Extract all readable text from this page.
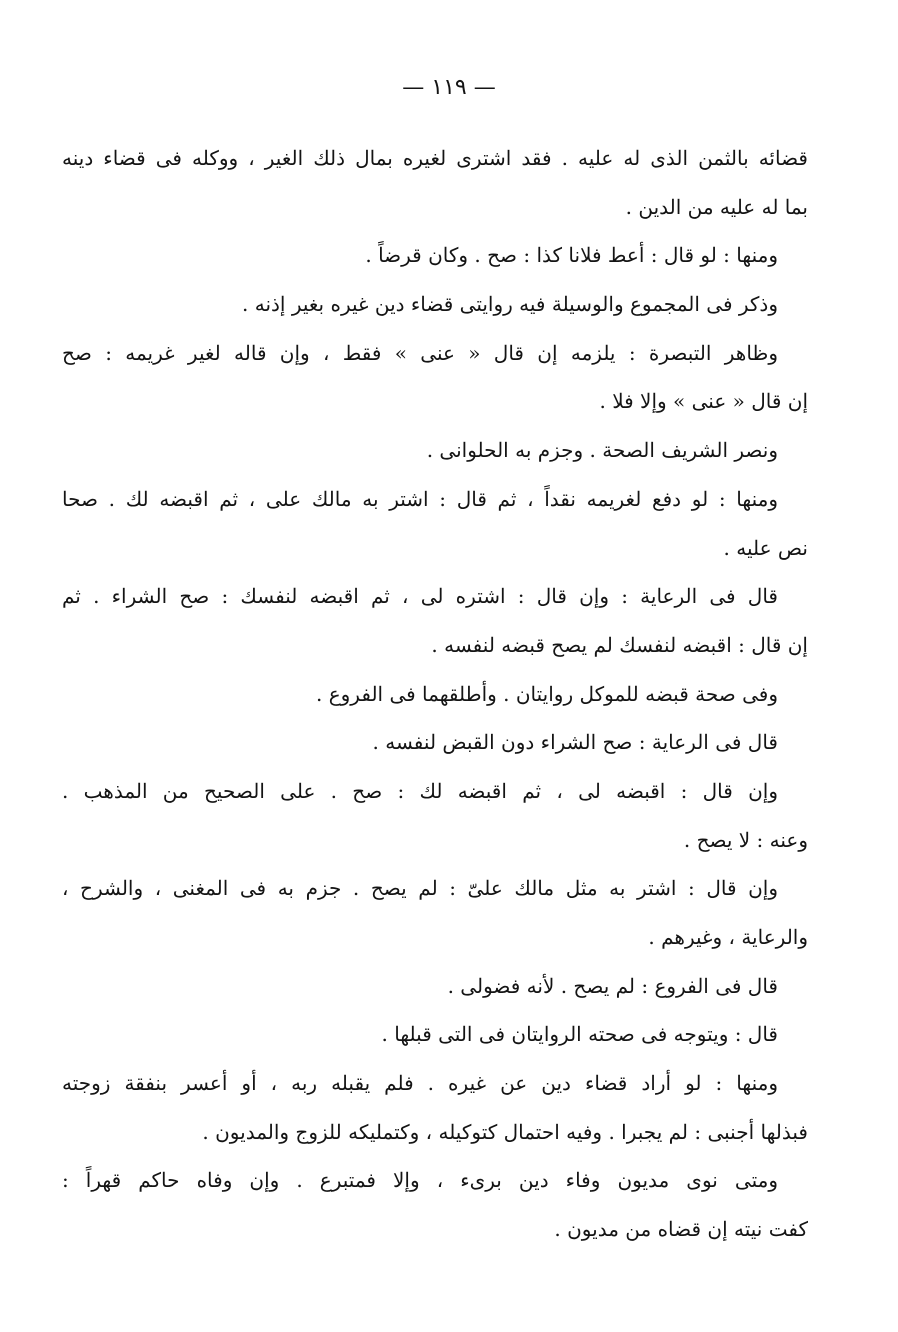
— ١١٩ —
قضائه بالثمن الذى له عليه . فقد اشترى لغيره بمال ذلك الغير ، ووكله فى قضاء دينه
بما له عليه من الدين .
ومنها : لو قال : أعط فلانا كذا : صح . وكان قرضاً .
وذكر فى المجموع والوسيلة فيه روايتى قضاء دين غيره بغير إذنه .
وظاهر التبصرة : يلزمه إن قال « عنى » فقط ، وإن قاله لغير غريمه : صح
إن قال « عنى » وإلا فلا .
ونصر الشريف الصحة . وجزم به الحلوانى .
ومنها : لو دفع لغريمه نقداً ، ثم قال : اشتر به مالك على ، ثم اقبضه لك . صحا
نص عليه .
قال فى الرعاية : وإن قال : اشتره لى ، ثم اقبضه لنفسك : صح الشراء . ثم
إن قال : اقبضه لنفسك لم يصح قبضه لنفسه .
وفى صحة قبضه للموكل روايتان . وأطلقهما فى الفروع .
قال فى الرعاية : صح الشراء دون القبض لنفسه .
وإن قال : اقبضه لى ، ثم اقبضه لك : صح . على الصحيح من المذهب .
وعنه : لا يصح .
وإن قال : اشتر به مثل مالك علىّ : لم يصح . جزم به فى المغنى ، والشرح ،
والرعاية ، وغيرهم .
قال فى الفروع : لم يصح . لأنه فضولى .
قال : ويتوجه فى صحته الروايتان فى التى قبلها .
ومنها : لو أراد قضاء دين عن غيره . فلم يقبله ربه ، أو أعسر بنفقة زوجته
فبذلها أجنبى : لم يجبرا . وفيه احتمال كتوكيله ، وكتمليكه للزوج والمديون .
ومتى نوى مديون وفاء دين برىء ، وإلا فمتبرع . وإن وفاه حاكم قهراً :
كفت نيته إن قضاه من مديون .
